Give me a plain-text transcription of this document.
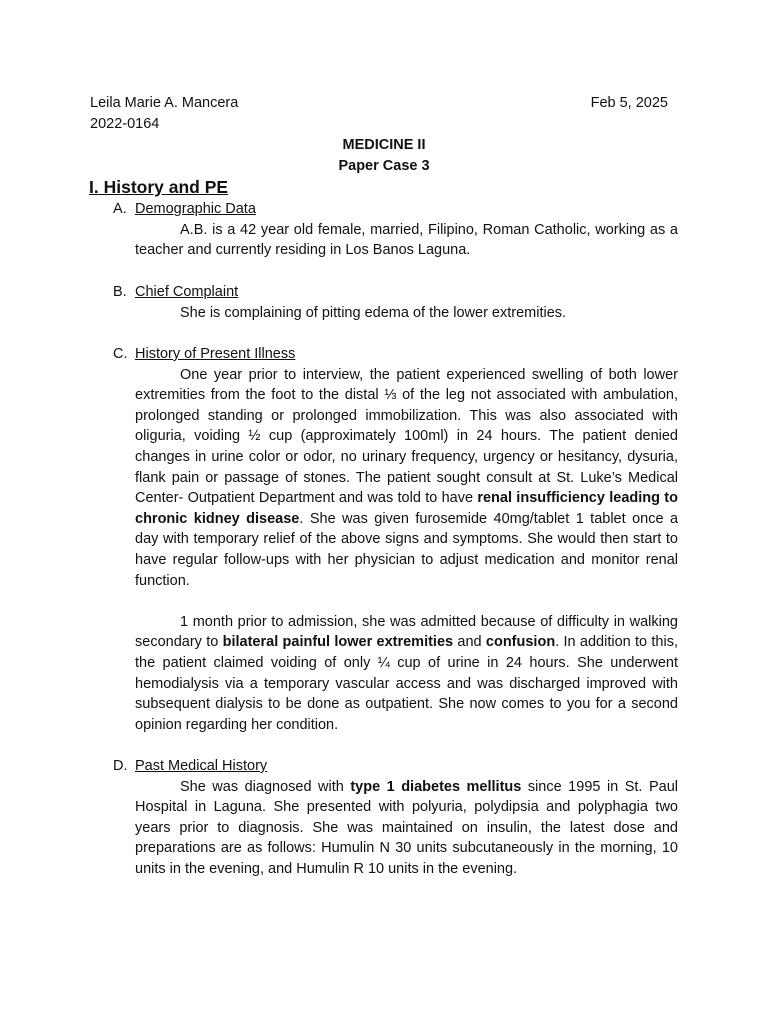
Leila Marie A. Mancera
2022-0164
Feb 5, 2025
MEDICINE II
Paper Case 3
I. History and PE
A. Demographic Data

A.B. is a 42 year old female, married, Filipino, Roman Catholic, working as a teacher and currently residing in Los Banos Laguna.

B. Chief Complaint

She is complaining of pitting edema of the lower extremities.

C. History of Present Illness

One year prior to interview, the patient experienced swelling of both lower extremities from the foot to the distal ⅓ of the leg not associated with ambulation, prolonged standing or prolonged immobilization. This was also associated with oliguria, voiding ½ cup (approximately 100ml) in 24 hours. The patient denied changes in urine color or odor, no urinary frequency, urgency or hesitancy, dysuria, flank pain or passage of stones. The patient sought consult at St. Luke’s Medical Center- Outpatient Department and was told to have renal insufficiency leading to chronic kidney disease. She was given furosemide 40mg/tablet 1 tablet once a day with temporary relief of the above signs and symptoms. She would then start to have regular follow-ups with her physician to adjust medication and monitor renal function.

1 month prior to admission, she was admitted because of difficulty in walking secondary to bilateral painful lower extremities and confusion. In addition to this, the patient claimed voiding of only ¼ cup of urine in 24 hours. She underwent hemodialysis via a temporary vascular access and was discharged improved with subsequent dialysis to be done as outpatient. She now comes to you for a second opinion regarding her condition.

D. Past Medical History

She was diagnosed with type 1 diabetes mellitus since 1995 in St. Paul Hospital in Laguna. She presented with polyuria, polydipsia and polyphagia two years prior to diagnosis. She was maintained on insulin, the latest dose and preparations are as follows: Humulin N 30 units subcutaneously in the morning, 10 units in the evening, and Humulin R 10 units in the evening.
